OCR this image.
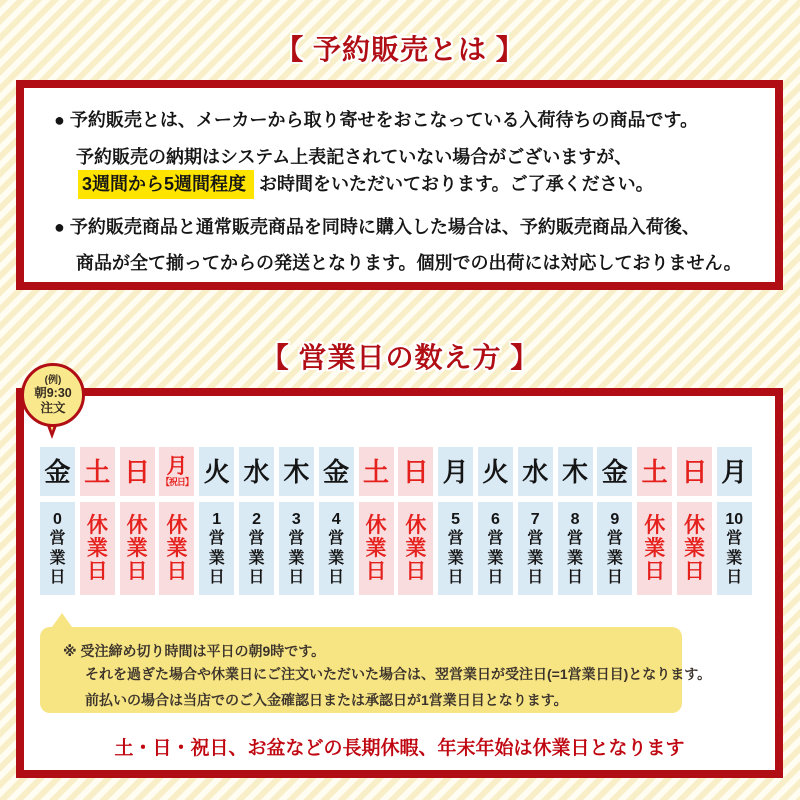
【 予約販売とは 】
● 予約販売とは、メーカーから取り寄せをおこなっている入荷待ちの商品です。
予約販売の納期はシステム上表記されていない場合がございますが、
3週間から5週間程度 お時間をいただいております。ご了承ください。
● 予約販売商品と通常販売商品を同時に購入した場合は、予約販売商品入荷後、
商品が全て揃ってからの発送となります。個別での出荷には対応しておりません。
【 営業日の数え方 】
(例)
朝9:30
注文
金
0
営
業
日
土
休
業
日
日
休
業
日
月
【祝日】
休
業
日
火
1
営
業
日
水
2
営
業
日
木
3
営
業
日
金
4
営
業
日
土
休
業
日
日
休
業
日
月
5
営
業
日
火
6
営
業
日
水
7
営
業
日
木
8
営
業
日
金
9
営
業
日
土
休
業
日
日
休
業
日
月
10
営
業
日
※ 受注締め切り時間は平日の朝9時です。
それを過ぎた場合や休業日にご注文いただいた場合は、翌営業日が受注日(=1営業日目)となります。
前払いの場合は当店でのご入金確認日または承認日が1営業日目となります。
土・日・祝日、お盆などの長期休暇、年末年始は休業日となります
